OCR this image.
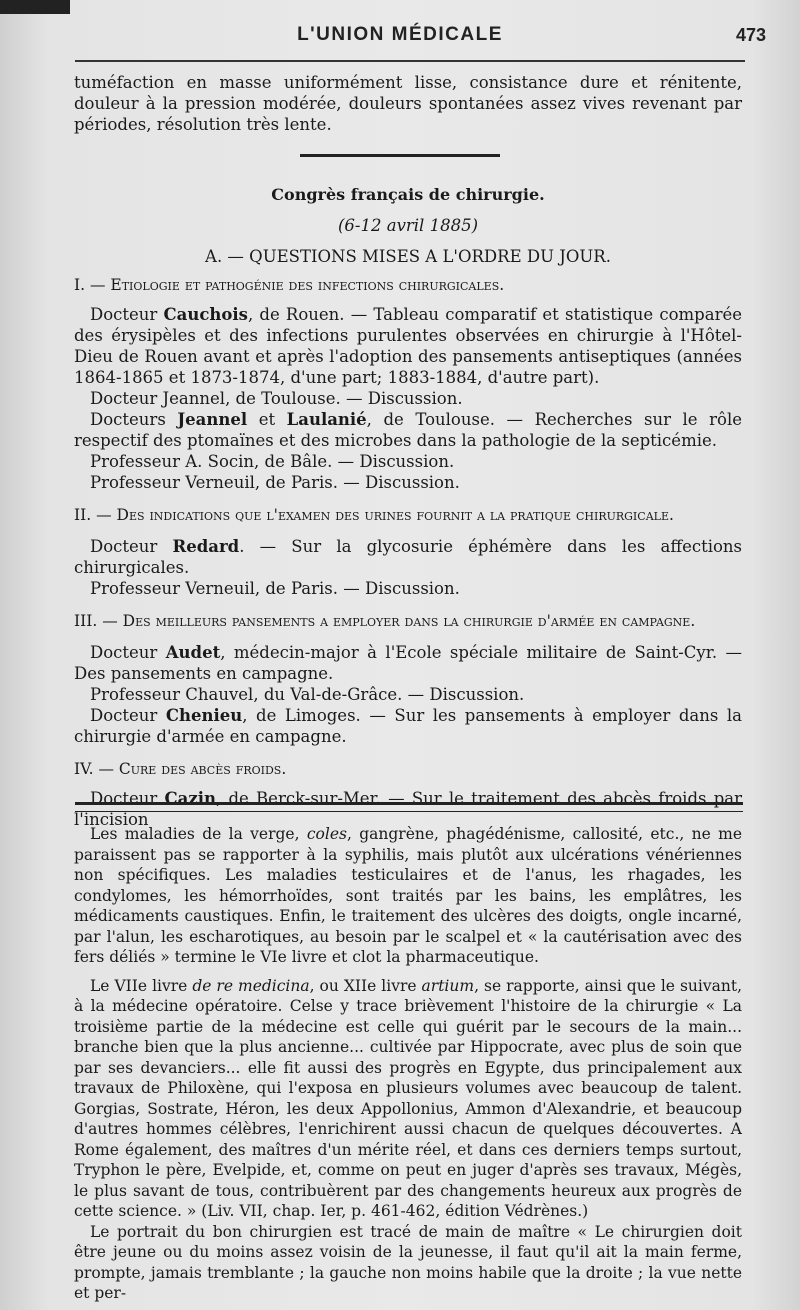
L'UNION MÉDICALE	473

tuméfaction en masse uniformément lisse, consistance dure et rénitente, douleur à la pression modérée, douleurs spontanées assez vives revenant par périodes, résolution très lente.

Congrès français de chirurgie.

(6-12 avril 1885)

A. — QUESTIONS MISES A L'ORDRE DU JOUR.

I. — Etiologie et pathogénie des infections chirurgicales.

Docteur Cauchois, de Rouen. — Tableau comparatif et statistique comparée des érysipèles et des infections purulentes observées en chirurgie à l'Hôtel-Dieu de Rouen avant et après l'adoption des pansements antiseptiques (années 1864-1865 et 1873-1874, d'une part; 1883-1884, d'autre part).

Docteur Jeannel, de Toulouse. — Discussion.

Docteurs Jeannel et Laulanié, de Toulouse. — Recherches sur le rôle respectif des ptomaïnes et des microbes dans la pathologie de la septicémie.

Professeur A. Socin, de Bâle. — Discussion.

Professeur Verneuil, de Paris. — Discussion.

II. — Des indications que l'examen des urines fournit a la pratique chirurgicale.

Docteur Redard. — Sur la glycosurie éphémère dans les affections chirurgicales.

Professeur Verneuil, de Paris. — Discussion.

III. — Des meilleurs pansements a employer dans la chirurgie d'armée en campagne.

Docteur Audet, médecin-major à l'Ecole spéciale militaire de Saint-Cyr. — Des pansements en campagne.

Professeur Chauvel, du Val-de-Grâce. — Discussion.

Docteur Chenieu, de Limoges. — Sur les pansements à employer dans la chirurgie d'armée en campagne.

IV. — Cure des abcès froids.

Docteur Cazin, de Berck-sur-Mer. — Sur le traitement des abcès froids par l'incision

Les maladies de la verge, coles, gangrène, phagédénisme, callosité, etc., ne me paraissent pas se rapporter à la syphilis, mais plutôt aux ulcérations vénériennes non spécifiques. Les maladies testiculaires et de l'anus, les rhagades, les condylomes, les hémorrhoïdes, sont traités par les bains, les emplâtres, les médicaments caustiques. Enfin, le traitement des ulcères des doigts, ongle incarné, par l'alun, les escharotiques, au besoin par le scalpel et « la cautérisation avec des fers déliés » termine le VIe livre et clot la pharmaceutique.

Le VIIe livre de re medicina, ou XIIe livre artium, se rapporte, ainsi que le suivant, à la médecine opératoire. Celse y trace brièvement l'histoire de la chirurgie « La troisième partie de la médecine est celle qui guérit par le secours de la main... branche bien que la plus ancienne... cultivée par Hippocrate, avec plus de soin que par ses devanciers... elle fit aussi des progrès en Egypte, dus principalement aux travaux de Philoxène, qui l'exposa en plusieurs volumes avec beaucoup de talent. Gorgias, Sostrate, Héron, les deux Appollonius, Ammon d'Alexandrie, et beaucoup d'autres hommes célèbres, l'enrichirent aussi chacun de quelques découvertes. A Rome également, des maîtres d'un mérite réel, et dans ces derniers temps surtout, Tryphon le père, Evelpide, et, comme on peut en juger d'après ses travaux, Mégès, le plus savant de tous, contribuèrent par des changements heureux aux progrès de cette science. » (Liv. VII, chap. Ier, p. 461-462, édition Védrènes.)

Le portrait du bon chirurgien est tracé de main de maître « Le chirurgien doit être jeune ou du moins assez voisin de la jeunesse, il faut qu'il ait la main ferme, prompte, jamais tremblante ; la gauche non moins habile que la droite ; la vue nette et per-
